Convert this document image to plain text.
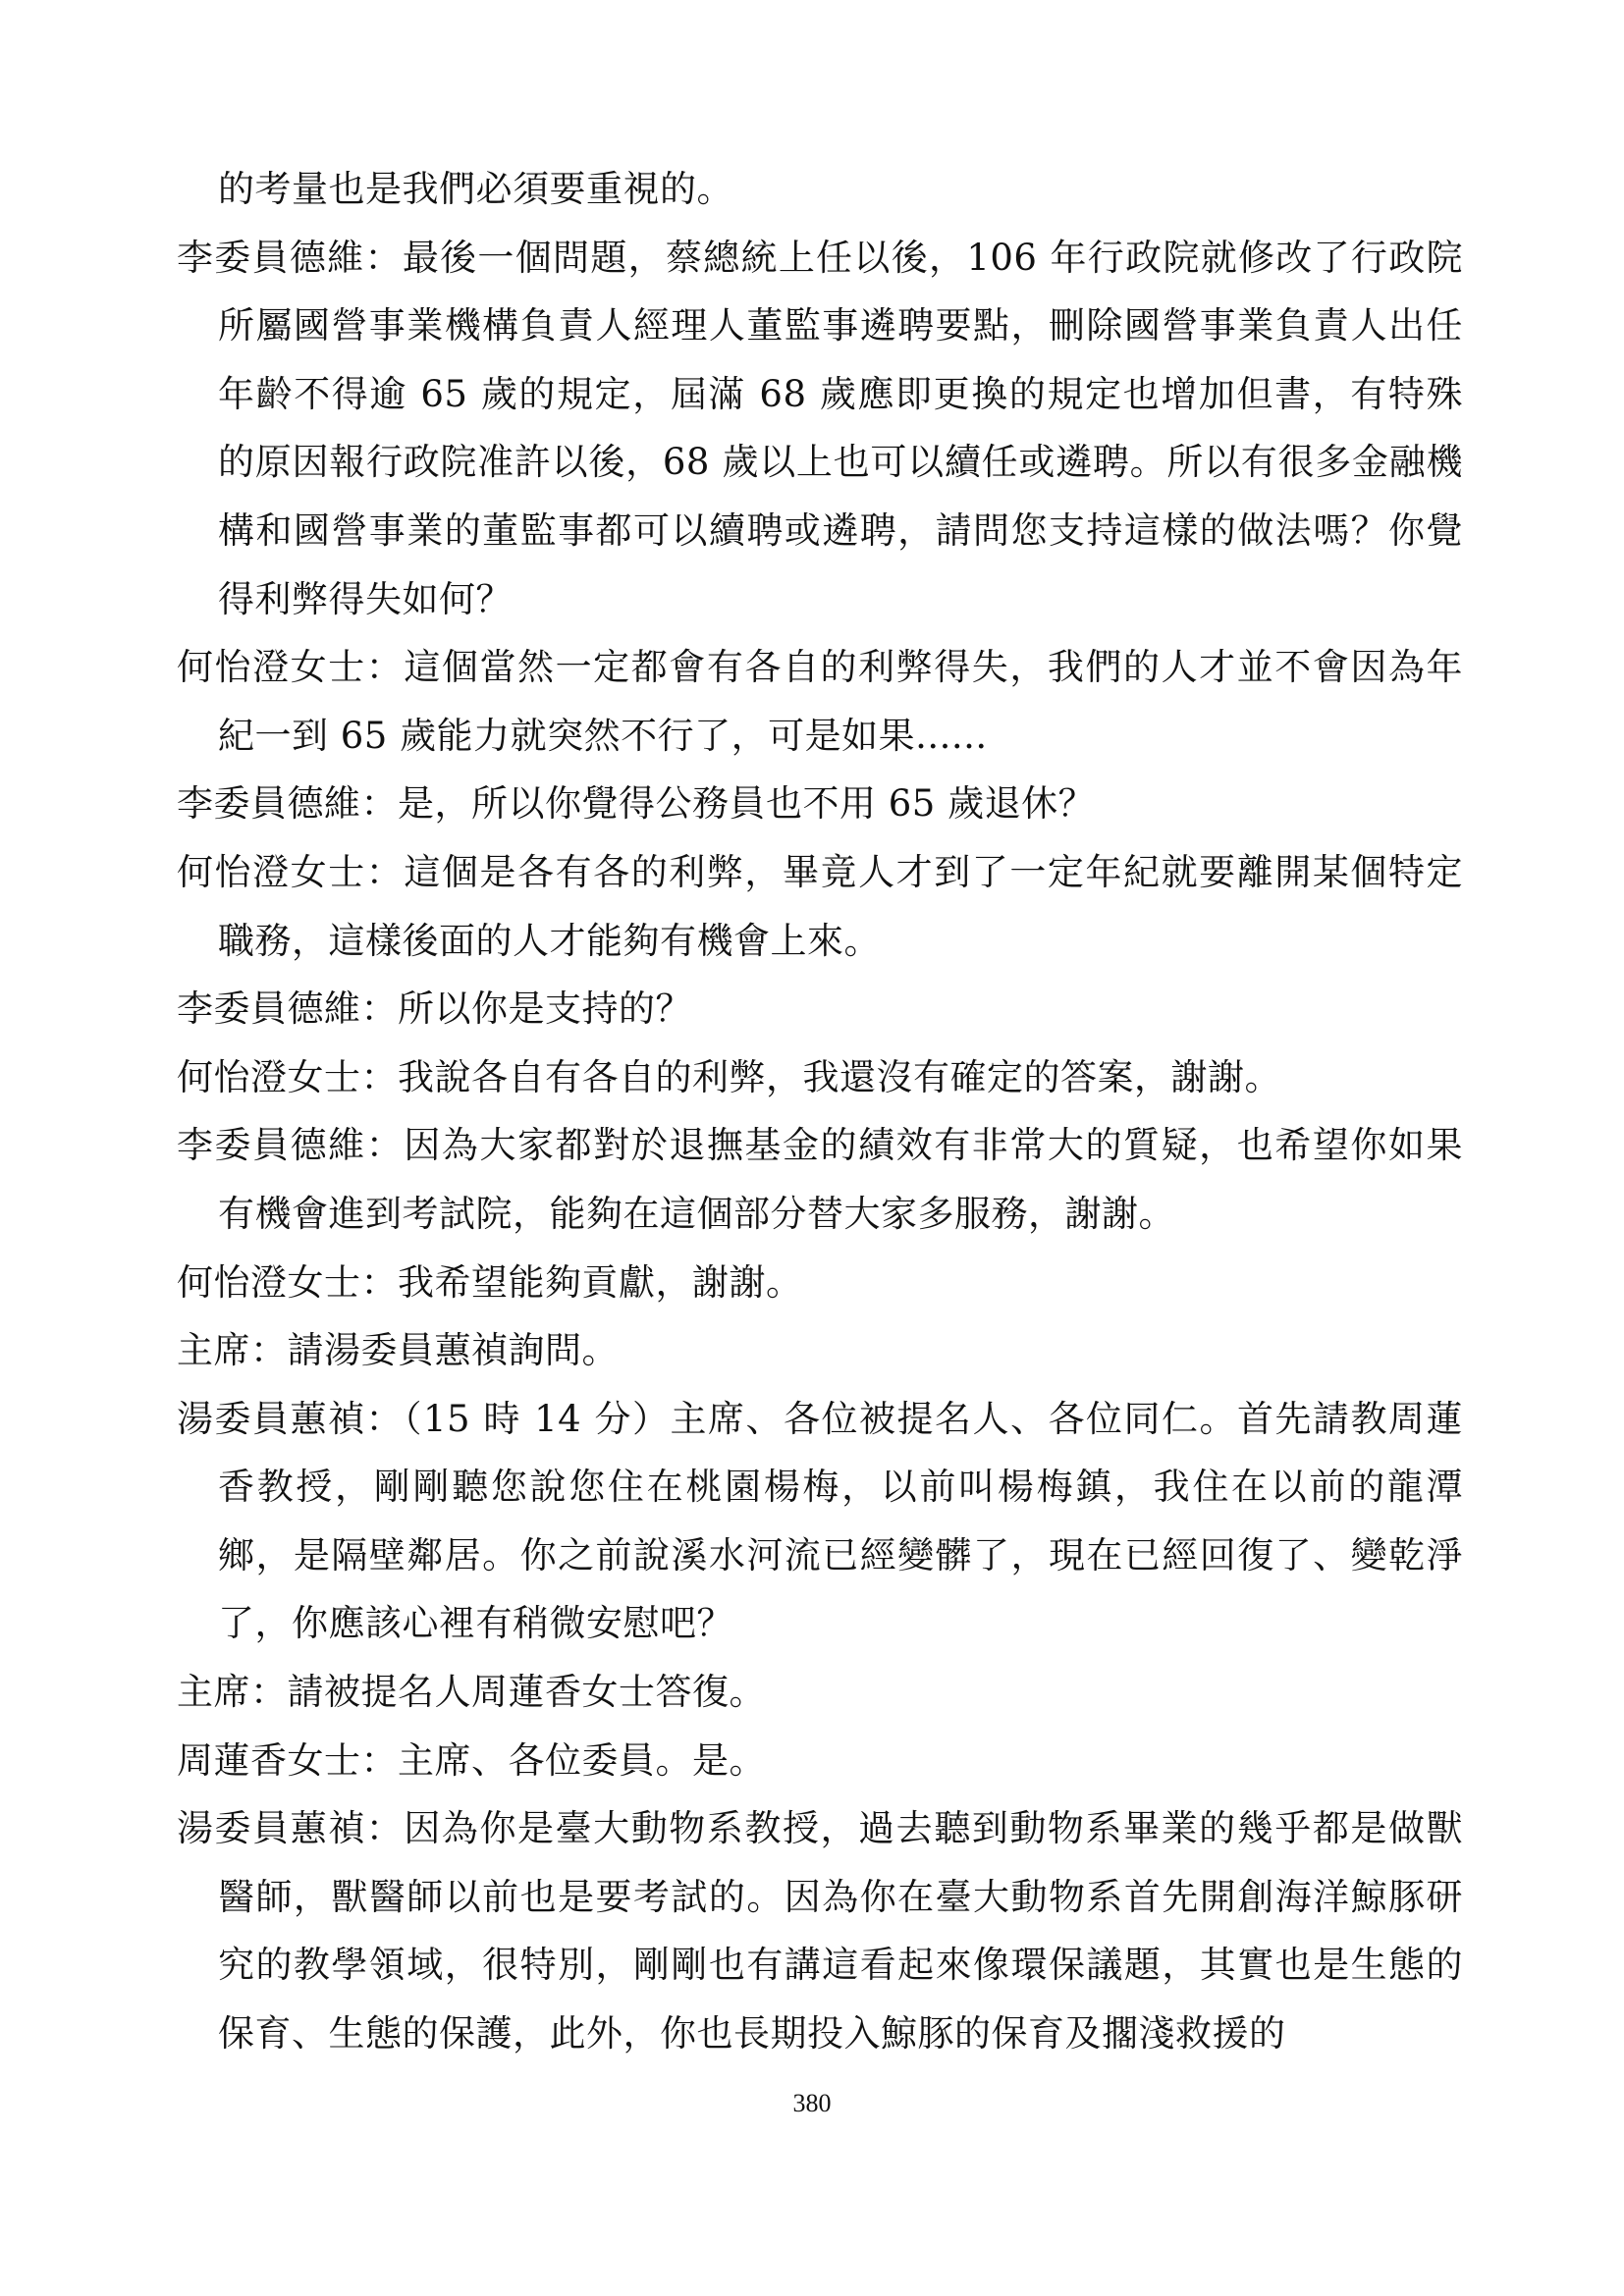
的考量也是我們必須要重視的。

李委員德維：最後一個問題，蔡總統上任以後，106 年行政院就修改了行政院所屬國營事業機構負責人經理人董監事遴聘要點，刪除國營事業負責人出任年齡不得逾 65 歲的規定，屆滿 68 歲應即更換的規定也增加但書，有特殊的原因報行政院准許以後，68 歲以上也可以續任或遴聘。所以有很多金融機構和國營事業的董監事都可以續聘或遴聘，請問您支持這樣的做法嗎？你覺得利弊得失如何？

何怡澄女士：這個當然一定都會有各自的利弊得失，我們的人才並不會因為年紀一到 65 歲能力就突然不行了，可是如果......

李委員德維：是，所以你覺得公務員也不用 65 歲退休？

何怡澄女士：這個是各有各的利弊，畢竟人才到了一定年紀就要離開某個特定職務，這樣後面的人才能夠有機會上來。

李委員德維：所以你是支持的？

何怡澄女士：我說各自有各自的利弊，我還沒有確定的答案，謝謝。

李委員德維：因為大家都對於退撫基金的績效有非常大的質疑，也希望你如果有機會進到考試院，能夠在這個部分替大家多服務，謝謝。

何怡澄女士：我希望能夠貢獻，謝謝。

主席：請湯委員蕙禎詢問。

湯委員蕙禎：（15 時 14 分）主席、各位被提名人、各位同仁。首先請教周蓮香教授，剛剛聽您說您住在桃園楊梅，以前叫楊梅鎮，我住在以前的龍潭鄉，是隔壁鄰居。你之前說溪水河流已經變髒了，現在已經回復了、變乾淨了，你應該心裡有稍微安慰吧？

主席：請被提名人周蓮香女士答復。

周蓮香女士：主席、各位委員。是。

湯委員蕙禎：因為你是臺大動物系教授，過去聽到動物系畢業的幾乎都是做獸醫師，獸醫師以前也是要考試的。因為你在臺大動物系首先開創海洋鯨豚研究的教學領域，很特別，剛剛也有講這看起來像環保議題，其實也是生態的保育、生態的保護，此外，你也長期投入鯨豚的保育及擱淺救援的

380
